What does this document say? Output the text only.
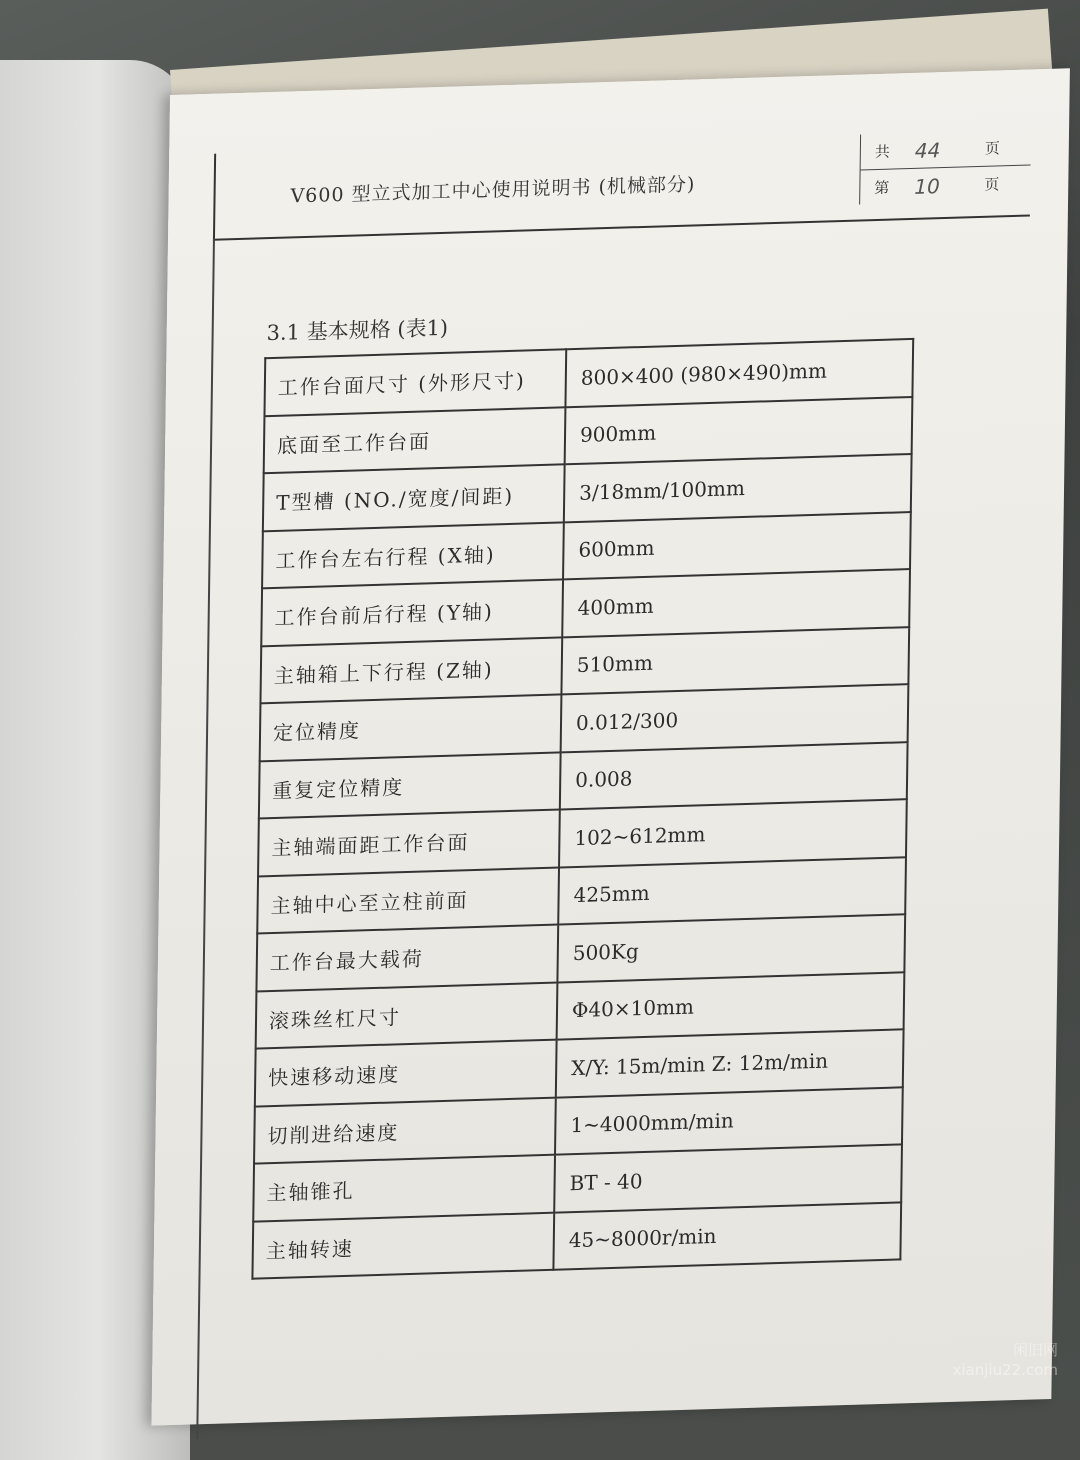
V600 型立式加工中心使用说明书 (机械部分)
共	44	页
第	10	页
3.1 基本规格 (表1)
工作台面尺寸 (外形尺寸)	800×400 (980×490)mm
底面至工作台面	900mm
T型槽 (NO./宽度/间距)	3/18mm/100mm
工作台左右行程 (X轴)	600mm
工作台前后行程 (Y轴)	400mm
主轴箱上下行程 (Z轴)	510mm
定位精度	0.012/300
重复定位精度	0.008
主轴端面距工作台面	102~612mm
主轴中心至立柱前面	425mm
工作台最大载荷	500Kg
滚珠丝杠尺寸	Φ40×10mm
快速移动速度	X/Y: 15m/min Z: 12m/min
切削进给速度	1~4000mm/min
主轴锥孔	BT - 40
主轴转速	45~8000r/min
闲旧网
xianjiu22.com
